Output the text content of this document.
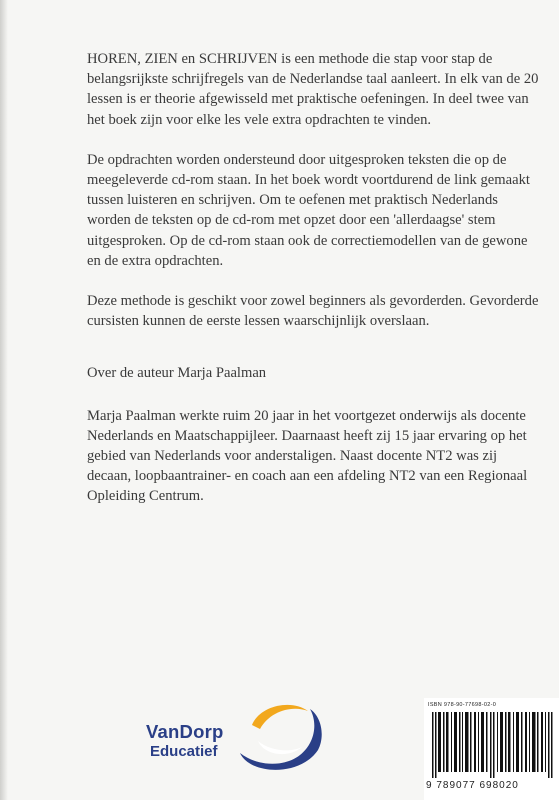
HOREN, ZIEN en SCHRIJVEN is een methode die stap voor stap de belangsrijkste schrijfregels van de Nederlandse taal aanleert. In elk van de 20 lessen is er theorie afgewisseld met praktische oefeningen. In deel twee van het boek zijn voor elke les vele extra opdrachten te vinden.

De opdrachten worden ondersteund door uitgesproken teksten die op de meegeleverde cd-rom staan. In het boek wordt voortdurend de link gemaakt tussen luisteren en schrijven. Om te oefenen met praktisch Nederlands worden de teksten op de cd-rom met opzet door een 'allerdaagse' stem uitgesproken. Op de cd-rom staan ook de correctiemodellen van de gewone en de extra opdrachten.

Deze methode is geschikt voor zowel beginners als gevorderden. Gevorderde cursisten kunnen de eerste lessen waarschijnlijk overslaan.

Over de auteur Marja Paalman

Marja Paalman werkte ruim 20 jaar in het voortgezet onderwijs als docente Nederlands en Maatschappijleer. Daarnaast heeft zij 15 jaar ervaring op het gebied van Nederlands voor anderstaligen. Naast docente NT2 was zij decaan, loopbaantrainer- en coach aan een afdeling NT2 van een Regionaal Opleiding Centrum.

VanDorp
Educatief
ISBN 978-90-77698-02-0
9 789077 698020
